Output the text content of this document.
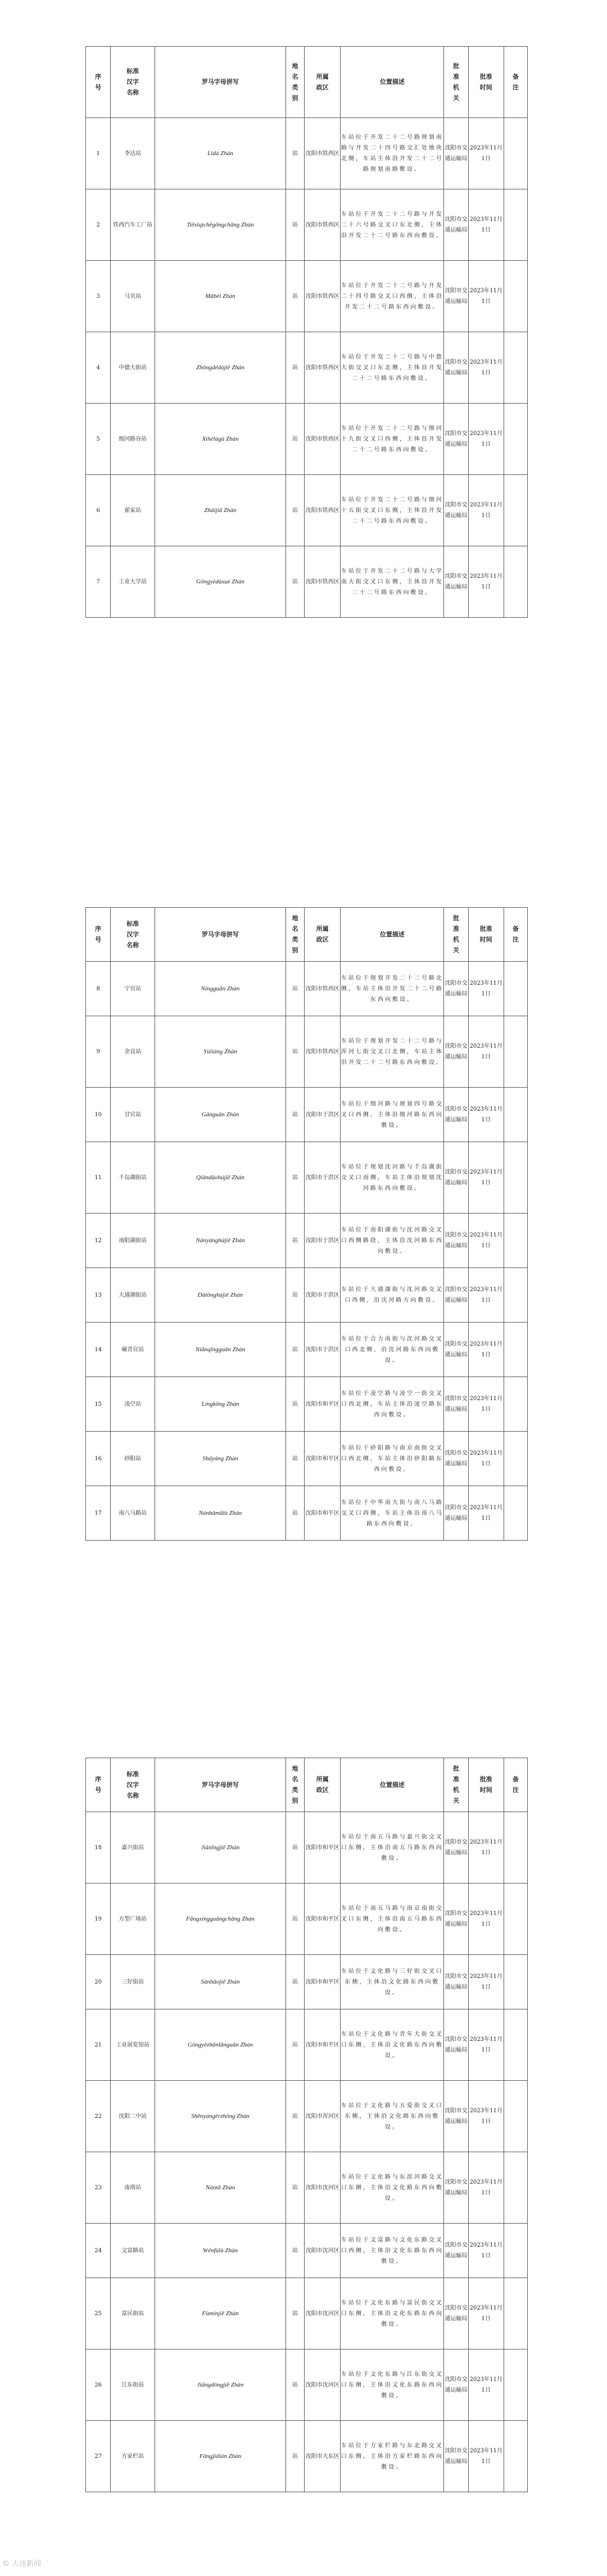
序号	标准汉字名称	罗马字母拼写	地名类别	所属政区	位置描述	批准机关	批准时间	备注
1	李达站	Lǐdá Zhàn	站	沈阳市铁西区	车站位于开发二十二号路规划南路与开发二十四号路交汇处地块北侧，车站主体沿开发二十二号路规划南路敷设。	沈阳市交通运输局	2023年11月1日	
2	铁西汽车工厂站	Tiěxīqìchēgōngchǎng Zhàn	站	沈阳市铁西区	车站位于开发二十二号路与开发二十六号路交叉口东北侧，主体沿开发二十二号路东西向敷设。	沈阳市交通运输局	2023年11月1日	
3	马贝站	Mǎbèi Zhàn	站	沈阳市铁西区	车站位于开发二十二号路与开发二十四号路交叉口西侧，主体沿开发二十二号路东西向敷设。	沈阳市交通运输局	2023年11月1日	
4	中德大街站	Zhōngdédàjiē Zhàn	站	沈阳市铁西区	车站位于开发二十二号路与中德大街交叉口东北侧，主体沿开发二十二号路东西向敷设。	沈阳市交通运输局	2023年11月1日	
5	细河路谷站	Xìhélùgǔ Zhàn	站	沈阳市铁西区	车站位于开发二十二号路与细河十九街交叉口西侧，主体沿开发二十二号路东西向敷设。	沈阳市交通运输局	2023年11月1日	
6	翟家站	Zháijiā Zhàn	站	沈阳市铁西区	车站位于开发二十二号路与细河十五街交叉口东侧，主体沿开发二十二号路东西向敷设。	沈阳市交通运输局	2023年11月1日	
7	工业大学站	Gōngyèdàxué Zhàn	站	沈阳市铁西区	车站位于开发二十二号路与大学南大街交叉口东侧，主体沿开发二十二号路东西向敷设。	沈阳市交通运输局	2023年11月1日	
序号	标准汉字名称	罗马字母拼写	地名类别	所属政区	位置描述	批准机关	批准时间	备注
8	宁官站	Níngguān Zhàn	站	沈阳市铁西区	车站位于规划开发二十二号路北侧，车站主体沿开发二十二号路东西向敷设。	沈阳市交通运输局	2023年11月1日	
9	余良站	Yúliáng Zhàn	站	沈阳市铁西区	车站位于规划开发二十二号路与浑河七街交叉口北侧，车站主体沿开发二十二号路东西向敷设。	沈阳市交通运输局	2023年11月1日	
10	甘官站	Gānguān Zhàn	站	沈阳市于洪区	车站位于细河路与规划四号路交叉口西侧，主体沿细河路东西向敷设。	沈阳市交通运输局	2023年11月1日	
11	千岛湖街站	Qiāndǎohújiē Zhàn	站	沈阳市于洪区	车站位于规划沈河路与千岛湖街交叉口南侧，车站主体沿规划沈河路东西向敷设。	沈阳市交通运输局	2023年11月1日	
12	南阳湖街站	Nányánghújiē Zhàn	站	沈阳市于洪区	车站位于南阳湖街与沈河路交叉口西侧路段，主体沿沈河路东西向敷设。	沈阳市交通运输局	2023年11月1日	
13	大通湖街站	Dàtōnghújiē Zhàn	站	沈阳市于洪区	车站位于大通湖街与沈河路交叉口西侧，沿沈河路方向敷设。	沈阳市交通运输局	2023年11月1日	
14	碾青官站	Niǎnqīngguān Zhàn	站	沈阳市于洪区	车站位于合力南街与沈河路交叉口西北侧，沿沈河路东西向敷设。	沈阳市交通运输局	2023年11月1日	
15	凌空站	Língkōng Zhàn	站	沈阳市和平区	车站位于凌空路与凌空一街交叉口西北侧，车站主体沿凌空路东西向敷设。	沈阳市交通运输局	2023年11月1日	
16	砂阳站	Shāyáng Zhàn	站	沈阳市和平区	车站位于砂阳路与南京南街交叉口西北侧，车站主体沿砂阳路东西向敷设。	沈阳市交通运输局	2023年11月1日	
17	南八马路站	Nánbāmǎlù Zhàn	站	沈阳市和平区	车站位于中华南大街与南八马路交叉口西侧，车站主体沿南八马路东西向敷设。	沈阳市交通运输局	2023年11月1日	
序号	标准汉字名称	罗马字母拼写	地名类别	所属政区	位置描述	批准机关	批准时间	备注
18	嘉兴街站	Jiāxīngjiē Zhàn	站	沈阳市和平区	车站位于南五马路与嘉兴街交叉口东侧，主体沿南五马路东西向敷设。	沈阳市交通运输局	2023年11月1日	
19	方型广场站	Fāngxíngguǎngchǎng Zhàn	站	沈阳市和平区	车站位于南五马路与南京南街交叉口东侧，主体沿南五马路东西向敷设。	沈阳市交通运输局	2023年11月1日	
20	三好街站	Sānhǎojiē Zhàn	站	沈阳市和平区	车站位于文化路与三好街交叉口东侧，主体沿文化路东西向敷设。	沈阳市交通运输局	2023年11月1日	
21	工业展览馆站	Gōngyèzhǎnlǎnguǎn Zhàn	站	沈阳市和平区	车站位于文化路与青年大街交叉口东侧，主体沿文化路东西向敷设。	沈阳市交通运输局	2023年11月1日	
22	沈阳二中站	Shěnyángèrzhōng Zhàn	站	沈阳市浑河区	车站位于文化路与五爱街交叉口东侧，主体沿文化路东西向敷设。	沈阳市交通运输局	2023年11月1日	
23	南塔站	Nántǎ Zhàn	站	沈阳市沈河区	车站位于文化路与东滨河路交叉口东侧，主体沿文化路东西向敷设。	沈阳市交通运输局	2023年11月1日	
24	文富路站	Wénfùlù Zhàn	站	沈阳市沈河区	车站位于文富路与文化东路交叉口西侧，主体沿文化东路东西向敷设。	沈阳市交通运输局	2023年11月1日	
25	富民街站	Fùmínjiē Zhàn	站	沈阳市沈河区	车站位于文化东路与富民街交叉口东侧，主体沿文化东路东西向敷设。	沈阳市交通运输局	2023年11月1日	
26	江东街站	Jiāngdōngjiē Zhàn	站	沈阳市沈河区	车站位于文化东路与江东街交叉口东侧，主体沿文化东路东西向敷设。	沈阳市交通运输局	2023年11月1日	
27	方家栏站	Fāngjiālán Zhàn	站	沈阳市大东区	车站位于方家栏路与东北路交叉口东侧，主体沿方家栏路东西向敷设。	沈阳市交通运输局	2023年11月1日	
© 大连新闻
